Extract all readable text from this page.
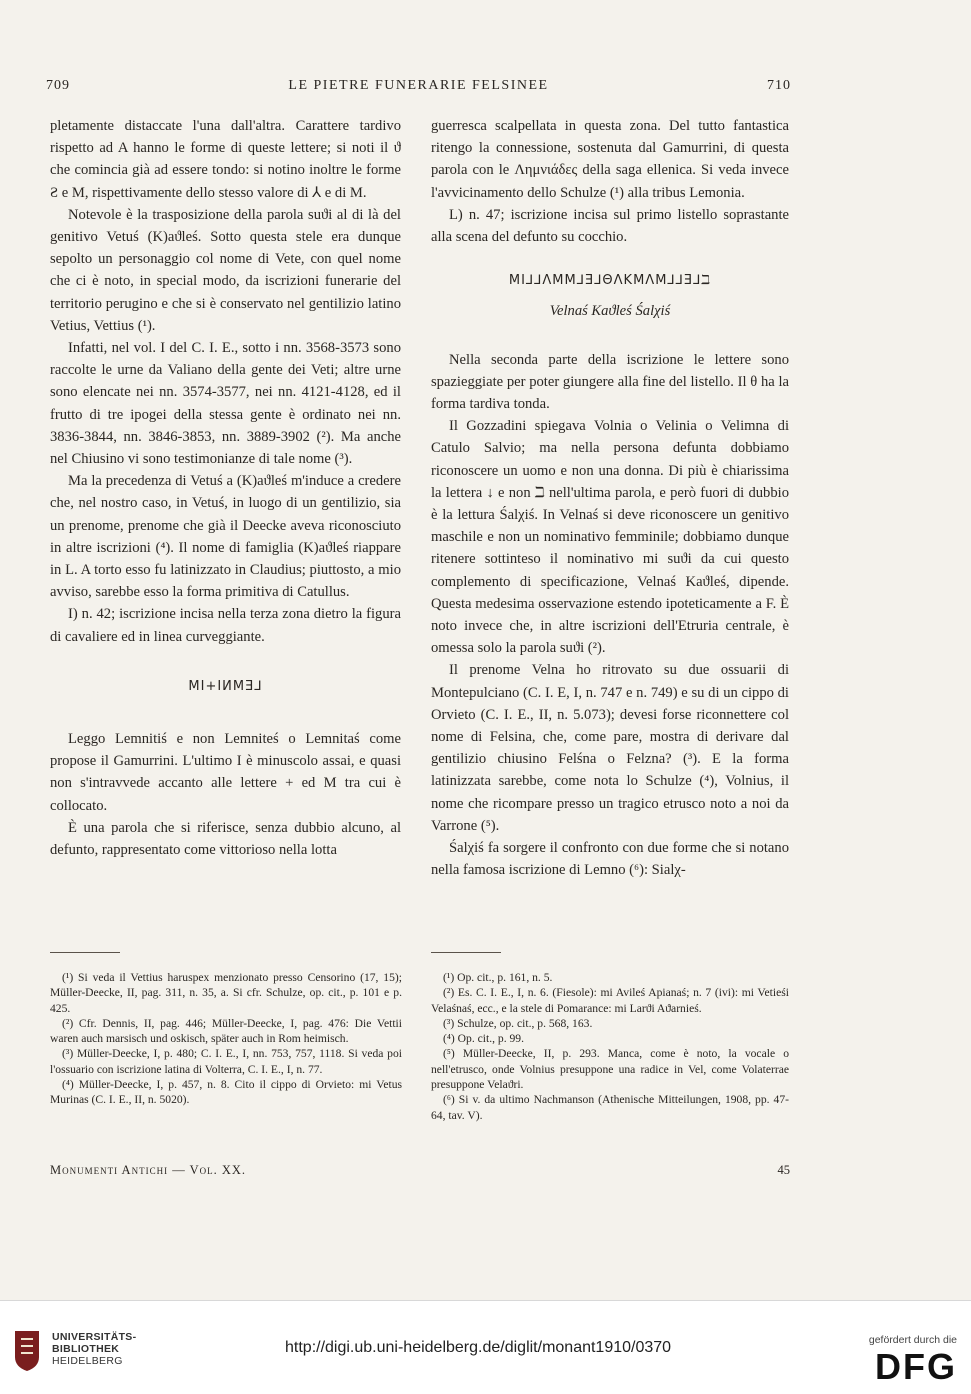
709	LE PIETRE FUNERARIE FELSINEE	710

pletamente distaccate l'una dall'altra. Carattere tardivo rispetto ad A hanno le forme di queste lettere; si noti il ϑ che comincia già ad essere tondo: si notino inoltre le forme Ƨ e M, rispettivamente dello stesso valore di ⅄ e di M.

Notevole è la trasposizione della parola suϑi al di là del genitivo Vetuś (K)aϑleś. Sotto questa stele era dunque sepolto un personaggio col nome di Vete, con quel nome che ci è noto, in special modo, da iscrizioni funerarie del territorio perugino e che si è conservato nel gentilizio latino Vetius, Vettius (¹).

Infatti, nel vol. I del C. I. E., sotto i nn. 3568-3573 sono raccolte le urne da Valiano della gente dei Veti; altre urne sono elencate nei nn. 3574-3577, nei nn. 4121-4128, ed il frutto di tre ipogei della stessa gente è ordinato nei nn. 3836-3844, nn. 3846-3853, nn. 3889-3902 (²). Ma anche nel Chiusino vi sono testimonianze di tale nome (³).

Ma la precedenza di Vetuś a (K)aϑleś m'induce a credere che, nel nostro caso, in Vetuś, in luogo di un gentilizio, sia un prenome, prenome che già il Deecke aveva riconosciuto in altre iscrizioni (⁴). Il nome di famiglia (K)aϑleś riappare in L. A torto esso fu latinizzato in Claudius; piuttosto, a mio avviso, sarebbe esso la forma primitiva di Catullus.

I) n. 42; iscrizione incisa nella terza zona dietro la figura di cavaliere ed in linea curveggiante.

MI+IИMƎ⅃

Leggo Lemnitiś e non Lemniteś o Lemnitaś come propose il Gamurrini. L'ultimo I è minuscolo assai, e quasi non s'intravvede accanto alle lettere + ed M tra cui è collocato.

È una parola che si riferisce, senza dubbio alcuno, al defunto, rappresentato come vittorioso nella lotta

guerresca scalpellata in questa zona. Del tutto fantastica ritengo la connessione, sostenuta dal Gamurrini, di questa parola con le Λημνιάδες della saga ellenica. Si veda invece l'avvicinamento dello Schulze (¹) alla tribus Lemonia.

L) n. 47; iscrizione incisa sul primo listello soprastante alla scena del defunto su cocchio.

MI⅃⅃ΛMM⅃Ǝ⅃ΘΛKMΛM⅃⅃Ǝ⅃ℶ
Velnaś Kaϑleś Śalχiś

Nella seconda parte della iscrizione le lettere sono spazieggiate per poter giungere alla fine del listello. Il θ ha la forma tardiva tonda.

Il Gozzadini spiegava Volnia o Velinia o Velimna di Catulo Salvio; ma nella persona defunta dobbiamo riconoscere un uomo e non una donna. Di più è chiarissima la lettera ↓ e non ℶ nell'ultima parola, e però fuori di dubbio è la lettura Śalχiś. In Velnaś si deve riconoscere un genitivo maschile e non un nominativo femminile; dobbiamo dunque ritenere sottinteso il nominativo mi suϑi da cui questo complemento di specificazione, Velnaś Kaϑleś, dipende. Questa medesima osservazione estendo ipoteticamente a F. È noto invece che, in altre iscrizioni dell'Etruria centrale, è omessa solo la parola suϑi (²).

Il prenome Velna ho ritrovato su due ossuarii di Montepulciano (C. I. E, I, n. 747 e n. 749) e su di un cippo di Orvieto (C. I. E., II, n. 5.073); devesi forse riconnettere col nome di Felsina, che, come pare, mostra di derivare dal gentilizio chiusino Felśna o Felzna? (³). E la forma latinizzata sarebbe, come nota lo Schulze (⁴), Volnius, il nome che ricompare presso un tragico etrusco noto a noi da Varrone (⁵).

Śalχiś fa sorgere il confronto con due forme che si notano nella famosa iscrizione di Lemno (⁶): Sialχ-

(¹) Si veda il Vettius haruspex menzionato presso Censorino (17, 15); Müller-Deecke, II, pag. 311, n. 35, a. Si cfr. Schulze, op. cit., p. 101 e p. 425.

(²) Cfr. Dennis, II, pag. 446; Müller-Deecke, I, pag. 476: Die Vettii waren auch marsisch und oskisch, später auch in Rom heimisch.

(³) Müller-Deecke, I, p. 480; C. I. E., I, nn. 753, 757, 1118. Si veda poi l'ossuario con iscrizione latina di Volterra, C. I. E., I, n. 77.

(⁴) Müller-Deecke, I, p. 457, n. 8. Cito il cippo di Orvieto: mi Vetus Murinas (C. I. E., II, n. 5020).

(¹) Op. cit., p. 161, n. 5.

(²) Es. C. I. E., I, n. 6. (Fiesole): mi Avileś Apianaś; n. 7 (ivi): mi Vetieśi Velaśnaś, ecc., e la stele di Pomarance: mi Larϑi Aϑarnieś.

(³) Schulze, op. cit., p. 568, 163.

(⁴) Op. cit., p. 99.

(⁵) Müller-Deecke, II, p. 293. Manca, come è noto, la vocale o nell'etrusco, onde Volnius presuppone una radice in Vel, come Volaterrae presuppone Velaϑri.

(⁶) Si v. da ultimo Nachmanson (Athenische Mitteilungen, 1908, pp. 47-64, tav. V).

Monumenti Antichi — Vol. XX.	45
UNIVERSITÄTS-
BIBLIOTHEK
HEIDELBERG
http://digi.ub.uni-heidelberg.de/diglit/monant1910/0370	gefördert durch die
DFG
